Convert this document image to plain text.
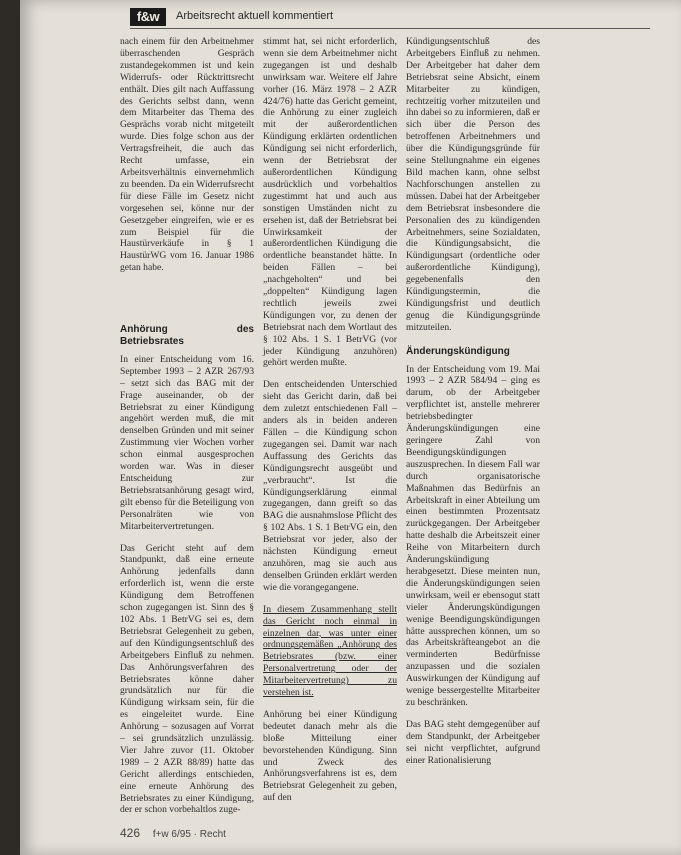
f&w	Arbeitsrecht aktuell kommentiert

nach einem für den Arbeitnehmer überraschenden Gespräch zustandegekommen ist und kein Widerrufs- oder Rücktrittsrecht enthält. Dies gilt nach Auffassung des Gerichts selbst dann, wenn dem Mitarbeiter das Thema des Gesprächs vorab nicht mitgeteilt wurde. Dies folge schon aus der Vertragsfreiheit, die auch das Recht umfasse, ein Arbeitsverhältnis einvernehmlich zu beenden. Da ein Widerrufsrecht für diese Fälle im Gesetz nicht vorgesehen sei, könne nur der Gesetzgeber eingreifen, wie er es zum Beispiel für die Haustürverkäufe in § 1 HaustürWG vom 16. Januar 1986 getan habe.

Anhörung des Betriebsrates

In einer Entscheidung vom 16. September 1993 – 2 AZR 267/93 – setzt sich das BAG mit der Frage auseinander, ob der Betriebsrat zu einer Kündigung angehört werden muß, die mit denselben Gründen und mit seiner Zustimmung vier Wochen vorher schon einmal ausgesprochen worden war. Was in dieser Entscheidung zur Betriebsratsanhörung gesagt wird, gilt ebenso für die Beteiligung von Personalräten wie von Mitarbeitervertretungen.

Das Gericht steht auf dem Standpunkt, daß eine erneute Anhörung jedenfalls dann erforderlich ist, wenn die erste Kündigung dem Betroffenen schon zugegangen ist. Sinn des § 102 Abs. 1 BetrVG sei es, dem Betriebsrat Gelegenheit zu geben, auf den Kündigungsentschluß des Arbeitgebers Einfluß zu nehmen. Das Anhörungsverfahren des Betriebsrates könne daher grundsätzlich nur für die Kündigung wirksam sein, für die es eingeleitet wurde. Eine Anhörung – sozusagen auf Vorrat – sei grundsätzlich unzulässig. Vier Jahre zuvor (11. Oktober 1989 – 2 AZR 88/89) hatte das Gericht allerdings entschieden, eine erneute Anhörung des Betriebsrates zu einer Kündigung, der er schon vorbehaltlos zuge-

stimmt hat, sei nicht erforderlich, wenn sie dem Arbeitnehmer nicht zugegangen ist und deshalb unwirksam war. Weitere elf Jahre vorher (16. März 1978 – 2 AZR 424/76) hatte das Gericht gemeint, die Anhörung zu einer zugleich mit der außerordentlichen Kündigung erklärten ordentlichen Kündigung sei nicht erforderlich, wenn der Betriebsrat der außerordentlichen Kündigung ausdrücklich und vorbehaltlos zugestimmt hat und auch aus sonstigen Umständen nicht zu ersehen ist, daß der Betriebsrat bei Unwirksamkeit der außerordentlichen Kündigung die ordentliche beanstandet hätte. In beiden Fällen – bei „nachgeholten“ und bei „doppelten“ Kündigung lagen rechtlich jeweils zwei Kündigungen vor, zu denen der Betriebsrat nach dem Wortlaut des § 102 Abs. 1 S. 1 BetrVG (vor jeder Kündigung anzuhören) gehört werden mußte.

Den entscheidenden Unterschied sieht das Gericht darin, daß bei dem zuletzt entschiedenen Fall – anders als in beiden anderen Fällen – die Kündigung schon zugegangen sei. Damit war nach Auffassung des Gerichts das Kündigungsrecht ausgeübt und „verbraucht“. Ist die Kündigungserklärung einmal zugegangen, dann greift so das BAG die ausnahmslose Pflicht des § 102 Abs. 1 S. 1 BetrVG ein, den Betriebsrat vor jeder, also der nächsten Kündigung erneut anzuhören, mag sie auch aus denselben Gründen erklärt werden wie die vorangegangene.

In diesem Zusammenhang stellt das Gericht noch einmal in einzelnen dar, was unter einer ordnungsgemäßen „Anhörung des Betriebsrates (bzw. einer Personalvertretung oder der Mitarbeitervertretung) zu verstehen ist.

Anhörung bei einer Kündigung bedeutet danach mehr als die bloße Mitteilung einer bevorstehenden Kündigung. Sinn und Zweck des Anhörungsverfahrens ist es, dem Betriebsrat Gelegenheit zu geben, auf den

Kündigungsentschluß des Arbeitgebers Einfluß zu nehmen. Der Arbeitgeber hat daher dem Betriebsrat seine Absicht, einem Mitarbeiter zu kündigen, rechtzeitig vorher mitzuteilen und ihn dabei so zu informieren, daß er sich über die Person des betroffenen Arbeitnehmers und über die Kündigungsgründe für seine Stellungnahme ein eigenes Bild machen kann, ohne selbst Nachforschungen anstellen zu müssen. Dabei hat der Arbeitgeber dem Betriebsrat insbesondere die Personalien des zu kündigenden Arbeitnehmers, seine Sozialdaten, die Kündigungsabsicht, die Kündigungsart (ordentliche oder außerordentliche Kündigung), gegebenenfalls den Kündigungstermin, die Kündigungsfrist und deutlich genug die Kündigungsgründe mitzuteilen.

Änderungskündigung

In der Entscheidung vom 19. Mai 1993 – 2 AZR 584/94 – ging es darum, ob der Arbeitgeber verpflichtet ist, anstelle mehrerer betriebsbedingter Änderungskündigungen eine geringere Zahl von Beendigungskündigungen auszusprechen. In diesem Fall war durch organisatorische Maßnahmen das Bedürfnis an Arbeitskraft in einer Abteilung um einen bestimmten Prozentsatz zurückgegangen. Der Arbeitgeber hatte deshalb die Arbeitszeit einer Reihe von Mitarbeitern durch Änderungskündigung herabgesetzt. Diese meinten nun, die Änderungskündigungen seien unwirksam, weil er ebensogut statt vieler Änderungskündigungen wenige Beendigungskündigungen hätte aussprechen können, um so das Arbeitskräfteangebot an die verminderten Bedürfnisse anzupassen und die sozialen Auswirkungen der Kündigung auf wenige bessergestellte Mitarbeiter zu beschränken.

Das BAG steht demgegenüber auf dem Standpunkt, der Arbeitgeber sei nicht verpflichtet, aufgrund einer Rationalisierung

426 f+w 6/95 · Recht
